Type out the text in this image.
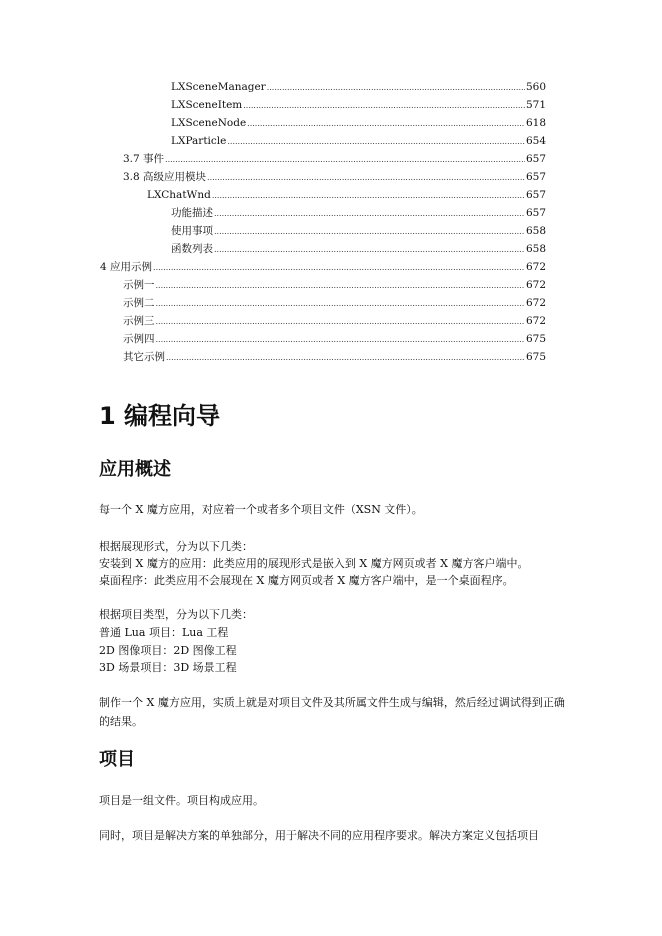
LXSceneManager .....	560
LXSceneItem .....	571
LXSceneNode .....	618
LXParticle .....	654
3.7 事件 .....	657
3.8 高级应用模块 .....	657
LXChatWnd .....	657
功能描述 .....	657
使用事项 .....	658
函数列表 .....	658
4 应用示例 .....	672
示例一 .....	672
示例二 .....	672
示例三 .....	672
示例四 .....	675
其它示例 .....	675
1 编程向导
应用概述

每一个 X 魔方应用，对应着一个或者多个项目文件（XSN 文件）。

根据展现形式，分为以下几类：

安装到 X 魔方的应用：此类应用的展现形式是嵌入到 X 魔方网页或者 X 魔方客户端中。

桌面程序：此类应用不会展现在 X 魔方网页或者 X 魔方客户端中，是一个桌面程序。

根据项目类型，分为以下几类：

普通 Lua 项目：Lua 工程

2D 图像项目：2D 图像工程

3D 场景项目：3D 场景工程

制作一个 X 魔方应用，实质上就是对项目文件及其所属文件生成与编辑，然后经过调试得到正确的结果。

项目

项目是一组文件。项目构成应用。

同时，项目是解决方案的单独部分，用于解决不同的应用程序要求。解决方案定义包括项目
